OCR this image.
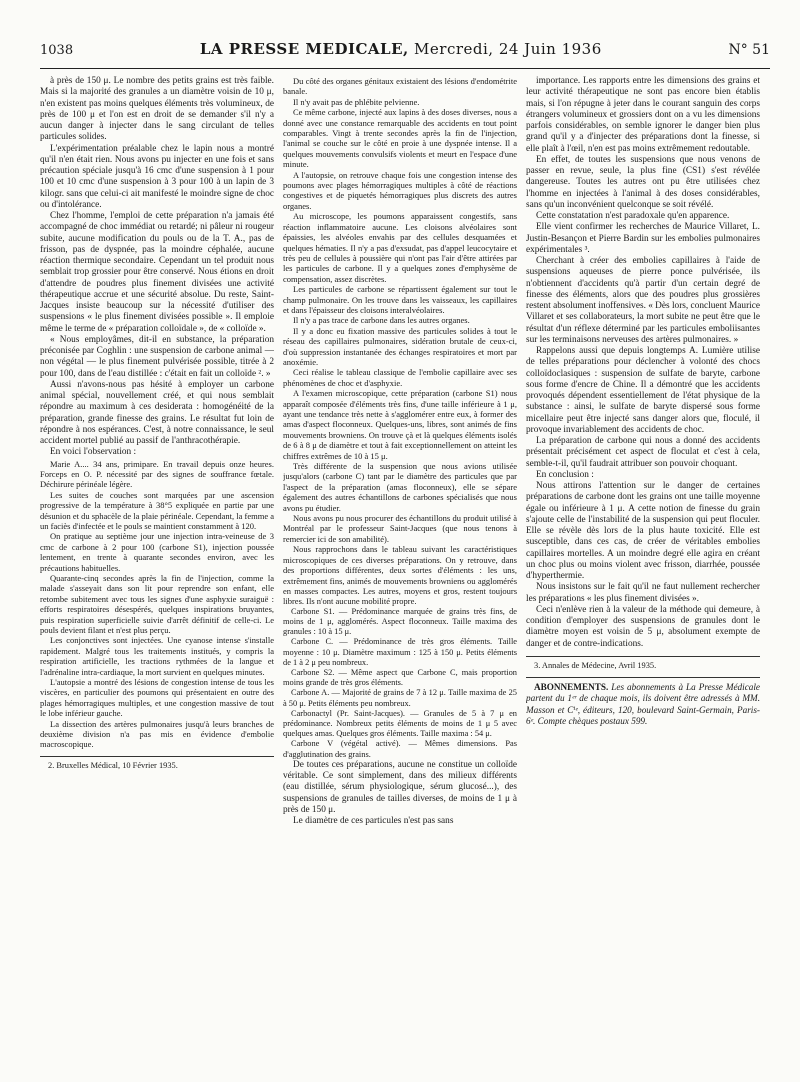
1038	LA PRESSE MEDICALE, Mercredi, 24 Juin 1936	N° 51

à près de 150 μ. Le nombre des petits grains est très faible. Mais si la majorité des granules a un diamètre voisin de 10 μ, n'en existent pas moins quelques éléments très volumineux, de près de 100 μ et l'on est en droit de se demander s'il n'y a aucun danger à injecter dans le sang circulant de telles particules solides.

L'expérimentation préalable chez le lapin nous a montré qu'il n'en était rien. Nous avons pu injecter en une fois et sans précaution spéciale jusqu'à 16 cmc d'une suspension à 1 pour 100 et 10 cmc d'une suspension à 3 pour 100 à un lapin de 3 kilogr. sans que celui-ci ait manifesté le moindre signe de choc ou d'intolérance.

Chez l'homme, l'emploi de cette préparation n'a jamais été accompagné de choc immédiat ou retardé; ni pâleur ni rougeur subite, aucune modification du pouls ou de la T. A., pas de frisson, pas de dyspnée, pas la moindre céphalée, aucune réaction thermique secondaire. Cependant un tel produit nous semblait trop grossier pour être conservé. Nous étions en droit d'attendre de poudres plus finement divisées une activité thérapeutique accrue et une sécurité absolue. Du reste, Saint-Jacques insiste beaucoup sur la nécessité d'utiliser des suspensions « le plus finement divisées possible ». Il emploie même le terme de « préparation colloïdale », de « colloïde ».

« Nous employâmes, dit-il en substance, la préparation préconisée par Coghlin : une suspension de carbone animal — non végétal — le plus finement pulvérisée possible, titrée à 2 pour 100, dans de l'eau distillée : c'était en fait un colloïde ². »

Aussi n'avons-nous pas hésité à employer un carbone animal spécial, nouvellement créé, et qui nous semblait répondre au maximum à ces desiderata : homogénéité de la préparation, grande finesse des grains. Le résultat fut loin de répondre à nos espérances. C'est, à notre connaissance, le seul accident mortel publié au passif de l'anthracothérapie.

En voici l'observation :

Marie A.... 34 ans, primipare. En travail depuis onze heures. Forceps en O. P. nécessité par des signes de souffrance fœtale. Déchirure périnéale légère.

Les suites de couches sont marquées par une ascension progressive de la température à 38°5 expliquée en partie par une désunion et du sphacèle de la plaie périnéale. Cependant, la femme a un faciès d'infectée et le pouls se maintient constamment à 120.

On pratique au septième jour une injection intra-veineuse de 3 cmc de carbone à 2 pour 100 (carbone S1), injection poussée lentement, en trente à quarante secondes environ, avec les précautions habituelles.

Quarante-cinq secondes après la fin de l'injection, comme la malade s'asseyait dans son lit pour reprendre son enfant, elle retombe subitement avec tous les signes d'une asphyxie suraiguë : efforts respiratoires désespérés, quelques inspirations bruyantes, puis respiration superficielle suivie d'arrêt définitif de celle-ci. Le pouls devient filant et n'est plus perçu.

Les conjonctives sont injectées. Une cyanose intense s'installe rapidement. Malgré tous les traitements institués, y compris la respiration artificielle, les tractions rythmées de la langue et l'adrénaline intra-cardiaque, la mort survient en quelques minutes.

L'autopsie a montré des lésions de congestion intense de tous les viscères, en particulier des poumons qui présentaient en outre des plages hémorragiques multiples, et une congestion massive de tout le lobe inférieur gauche.

La dissection des artères pulmonaires jusqu'à leurs branches de deuxième division n'a pas mis en évidence d'embolie macroscopique.

2. Bruxelles Médical, 10 Février 1935.

Du côté des organes génitaux existaient des lésions d'endométrite banale.

Il n'y avait pas de phlébite pelvienne.

Ce même carbone, injecté aux lapins à des doses diverses, nous a donné avec une constance remarquable des accidents en tout point comparables. Vingt à trente secondes après la fin de l'injection, l'animal se couche sur le côté en proie à une dyspnée intense. Il a quelques mouvements convulsifs violents et meurt en l'espace d'une minute.

A l'autopsie, on retrouve chaque fois une congestion intense des poumons avec plages hémorragiques multiples à côté de réactions congestives et de piquetés hémorragiques plus discrets des autres organes.

Au microscope, les poumons apparaissent congestifs, sans réaction inflammatoire aucune. Les cloisons alvéolaires sont épaissies, les alvéoles envahis par des cellules desquamées et quelques hématies. Il n'y a pas d'exsudat, pas d'appel leucocytaire et très peu de cellules à poussière qui n'ont pas l'air d'être attirées par les particules de carbone. Il y a quelques zones d'emphysème de compensation, assez discrètes.

Les particules de carbone se répartissent également sur tout le champ pulmonaire. On les trouve dans les vaisseaux, les capillaires et dans l'épaisseur des cloisons interalvéolaires.

Il n'y a pas trace de carbone dans les autres organes.

Il y a donc eu fixation massive des particules solides à tout le réseau des capillaires pulmonaires, sidération brutale de ceux-ci, d'où suppression instantanée des échanges respiratoires et mort par anoxémie.

Ceci réalise le tableau classique de l'embolie capillaire avec ses phénomènes de choc et d'asphyxie.

A l'examen microscopique, cette préparation (carbone S1) nous apparaît composée d'éléments très fins, d'une taille inférieure à 1 μ, ayant une tendance très nette à s'agglomérer entre eux, à former des amas d'aspect floconneux. Quelques-uns, libres, sont animés de fins mouvements browniens. On trouve çà et là quelques éléments isolés de 6 à 8 μ de diamètre et tout à fait exceptionnellement on atteint les chiffres extrêmes de 10 à 15 μ.

Très différente de la suspension que nous avions utilisée jusqu'alors (carbone C) tant par le diamètre des particules que par l'aspect de la préparation (amas floconneux), elle se sépare également des autres échantillons de carbones spécialisés que nous avons pu étudier.

Nous avons pu nous procurer des échantillons du produit utilisé à Montréal par le professeur Saint-Jacques (que nous tenons à remercier ici de son amabilité).

Nous rapprochons dans le tableau suivant les caractéristiques microscopiques de ces diverses préparations. On y retrouve, dans des proportions différentes, deux sortes d'éléments : les uns, extrêmement fins, animés de mouvements browniens ou agglomérés en masses compactes. Les autres, moyens et gros, restent toujours libres. Ils n'ont aucune mobilité propre.

Carbone S1. — Prédominance marquée de grains très fins, de moins de 1 μ, agglomérés. Aspect floconneux. Taille maxima des granules : 10 à 15 μ.

Carbone C. — Prédominance de très gros éléments. Taille moyenne : 10 μ. Diamètre maximum : 125 à 150 μ. Petits éléments de 1 à 2 μ peu nombreux.

Carbone S2. — Même aspect que Carbone C, mais proportion moins grande de très gros éléments.

Carbone A. — Majorité de grains de 7 à 12 μ. Taille maxima de 25 à 50 μ. Petits éléments peu nombreux.

Carbonactyl (Pr. Saint-Jacques). — Granules de 5 à 7 μ en prédominance. Nombreux petits éléments de moins de 1 μ 5 avec quelques amas. Quelques gros éléments. Taille maxima : 54 μ.

Carbone V (végétal activé). — Mêmes dimensions. Pas d'agglutination des grains.

De toutes ces préparations, aucune ne constitue un colloïde véritable. Ce sont simplement, dans des milieux différents (eau distillée, sérum physiologique, sérum glucosé...), des suspensions de granules de tailles diverses, de moins de 1 μ à près de 150 μ.

Le diamètre de ces particules n'est pas sans

importance. Les rapports entre les dimensions des grains et leur activité thérapeutique ne sont pas encore bien établis mais, si l'on répugne à jeter dans le courant sanguin des corps étrangers volumineux et grossiers dont on a vu les dimensions parfois considérables, on semble ignorer le danger bien plus grand qu'il y a d'injecter des préparations dont la finesse, si elle plaît à l'œil, n'en est pas moins extrêmement redoutable.

En effet, de toutes les suspensions que nous venons de passer en revue, seule, la plus fine (CS1) s'est révélée dangereuse. Toutes les autres ont pu être utilisées chez l'homme en injectées à l'animal à des doses considérables, sans qu'un inconvénient quelconque se soit révélé.

Cette constatation n'est paradoxale qu'en apparence.

Elle vient confirmer les recherches de Maurice Villaret, L. Justin-Besançon et Pierre Bardin sur les embolies pulmonaires expérimentales ³.

Cherchant à créer des embolies capillaires à l'aide de suspensions aqueuses de pierre ponce pulvérisée, ils n'obtiennent d'accidents qu'à partir d'un certain degré de finesse des éléments, alors que des poudres plus grossières restent absolument inoffensives. « Dès lors, concluent Maurice Villaret et ses collaborateurs, la mort subite ne peut être que le résultat d'un réflexe déterminé par les particules emboliisantes sur les terminaisons nerveuses des artères pulmonaires. »

Rappelons aussi que depuis longtemps A. Lumière utilise de telles préparations pour déclencher à volonté des chocs colloïdoclasiques : suspension de sulfate de baryte, carbone sous forme d'encre de Chine. Il a démontré que les accidents provoqués dépendent essentiellement de l'état physique de la substance : ainsi, le sulfate de baryte dispersé sous forme micellaire peut être injecté sans danger alors que, floculé, il provoque invariablement des accidents de choc.

La préparation de carbone qui nous a donné des accidents présentait précisément cet aspect de floculat et c'est à cela, semble-t-il, qu'il faudrait attribuer son pouvoir choquant.

En conclusion :

Nous attirons l'attention sur le danger de certaines préparations de carbone dont les grains ont une taille moyenne égale ou inférieure à 1 μ. A cette notion de finesse du grain s'ajoute celle de l'instabilité de la suspension qui peut floculer. Elle se révèle dès lors de la plus haute toxicité. Elle est susceptible, dans ces cas, de créer de véritables embolies capillaires mortelles. A un moindre degré elle agira en créant un choc plus ou moins violent avec frisson, diarrhée, poussée d'hyperthermie.

Nous insistons sur le fait qu'il ne faut nullement rechercher les préparations « les plus finement divisées ».

Ceci n'enlève rien à la valeur de la méthode qui demeure, à condition d'employer des suspensions de granules dont le diamètre moyen est voisin de 5 μ, absolument exempte de danger et de contre-indications.

3. Annales de Médecine, Avril 1935.

ABONNEMENTS. Les abonnements à La Presse Médicale partent du 1ᵉʳ de chaque mois, ils doivent être adressés à MM. Masson et Cⁱᵉ, éditeurs, 120, boulevard Saint-Germain, Paris-6ᵉ. Compte chèques postaux 599.
